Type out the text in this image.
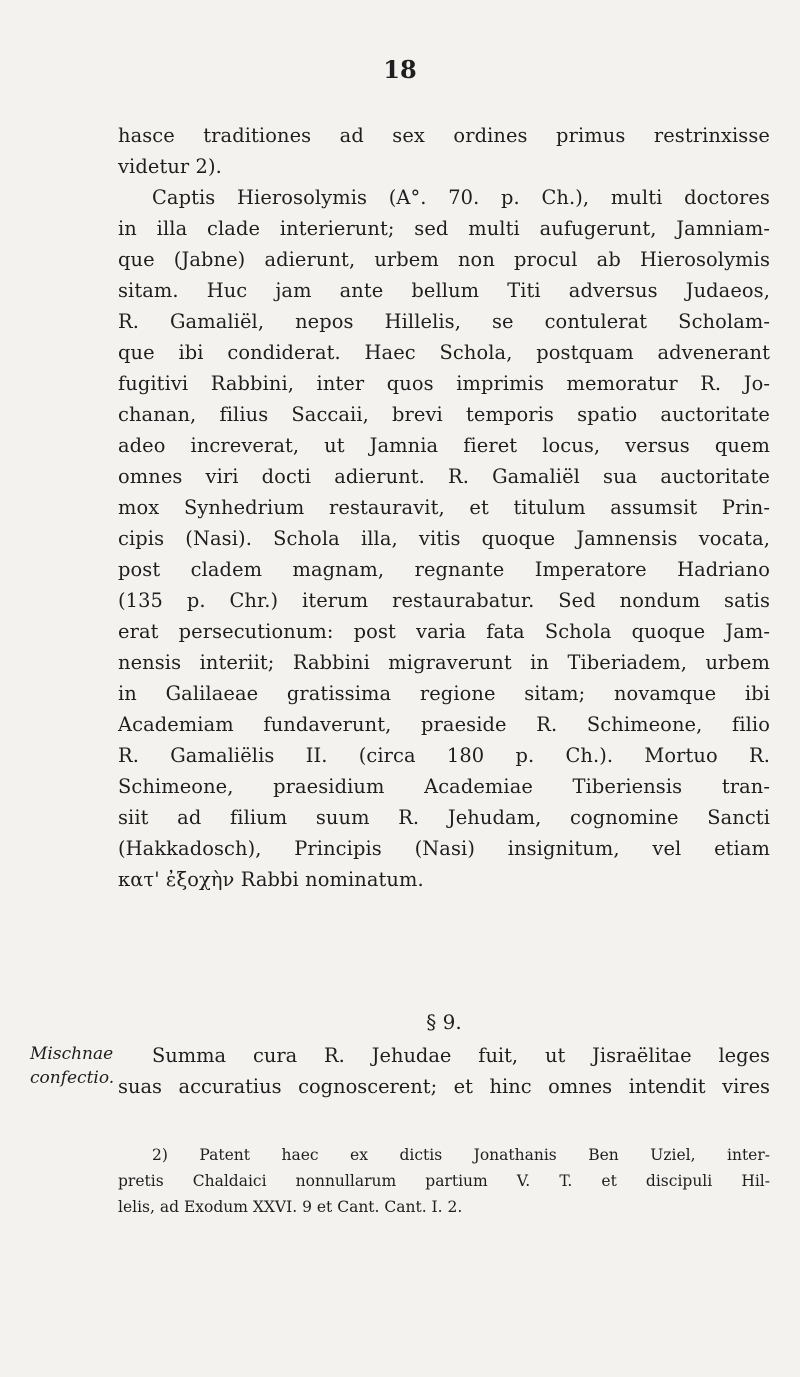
18

hasce traditiones ad sex ordines primus restrinxisse
videtur 2).

Captis Hierosolymis (A°. 70. p. Ch.), multi doctores
in illa clade interierunt; sed multi aufugerunt, Jamniam-
que (Jabne) adierunt, urbem non procul ab Hierosolymis
sitam. Huc jam ante bellum Titi adversus Judaeos,
R. Gamaliël, nepos Hillelis, se contulerat Scholam-
que ibi condiderat. Haec Schola, postquam advenerant
fugitivi Rabbini, inter quos imprimis memoratur R. Jo-
chanan, filius Saccaii, brevi temporis spatio auctoritate
adeo increverat, ut Jamnia fieret locus, versus quem
omnes viri docti adierunt. R. Gamaliël sua auctoritate
mox Synhedrium restauravit, et titulum assumsit Prin-
cipis (Nasi). Schola illa, vitis quoque Jamnensis vocata,
post cladem magnam, regnante Imperatore Hadriano
(135 p. Chr.) iterum restaurabatur. Sed nondum satis
erat persecutionum: post varia fata Schola quoque Jam-
nensis interiit; Rabbini migraverunt in Tiberiadem, urbem
in Galilaeae gratissima regione sitam; novamque ibi
Academiam fundaverunt, praeside R. Schimeone, filio
R. Gamaliëlis II. (circa 180 p. Ch.). Mortuo R.
Schimeone, praesidium Academiae Tiberiensis tran-
siit ad filium suum R. Jehudam, cognomine Sancti
(Hakkadosch), Principis (Nasi) insignitum, vel etiam
κατ' ἐξοχὴν Rabbi nominatum.

§ 9.
Mischnae confectio.
Summa cura R. Jehudae fuit, ut Jisraëlitae leges
suas accuratius cognoscerent; et hinc omnes intendit vires
2) Patent haec ex dictis Jonathanis Ben Uziel, inter-
pretis Chaldaici nonnullarum partium V. T. et discipuli Hil-
lelis, ad Exodum XXVI. 9 et Cant. Cant. I. 2.
